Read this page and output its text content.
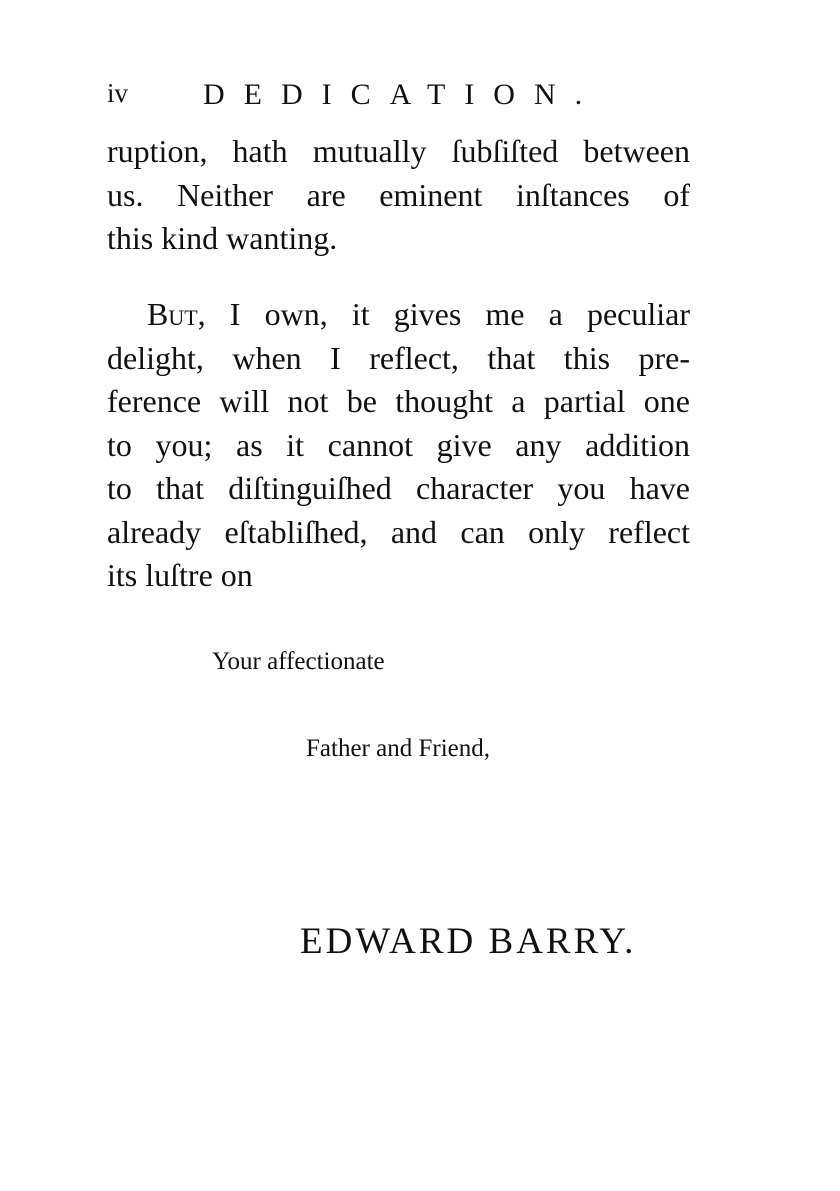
iv DEDICATION.
ruption, hath mutually ſubſiſted between
us. Neither are eminent inſtances of
this kind wanting.
But, I own, it gives me a peculiar
delight, when I reflect, that this pre-
ference will not be thought a partial one
to you; as it cannot give any addition
to that diſtinguiſhed character you have
already eſtabliſhed, and can only reflect
its luſtre on
Your affectionate
Father and Friend,
EDWARD BARRY.
